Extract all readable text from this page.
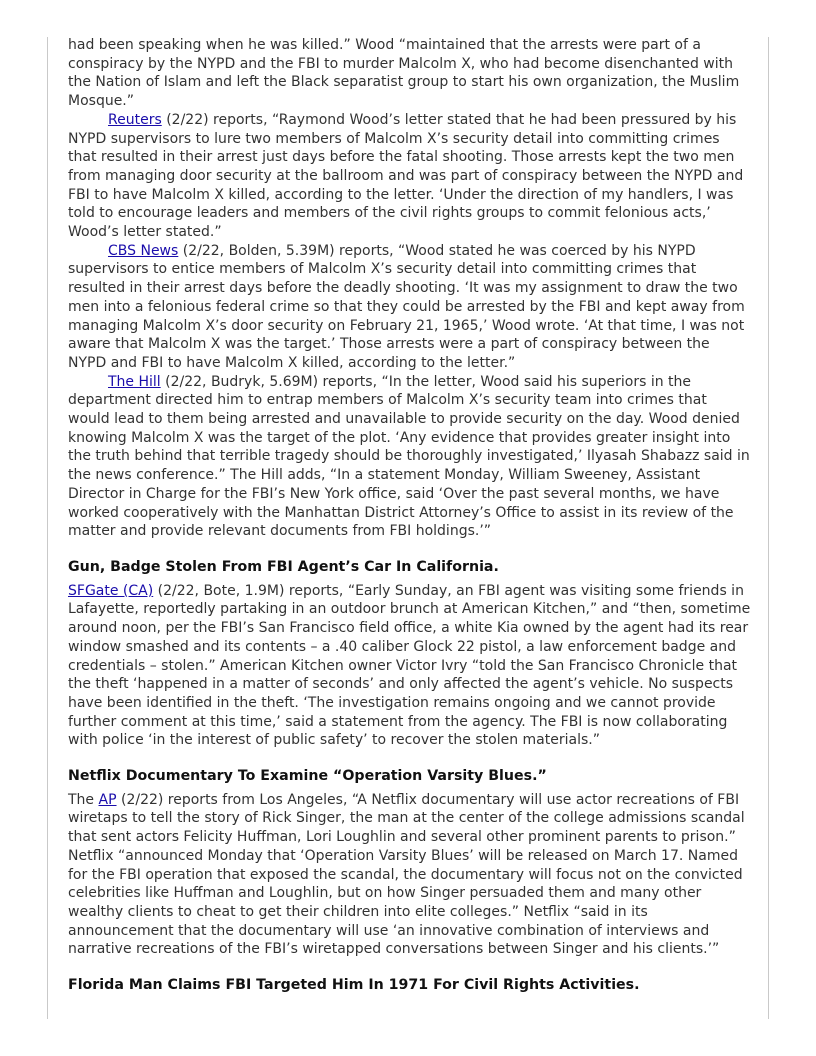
had been speaking when he was killed.” Wood “maintained that the arrests were part of a conspiracy by the NYPD and the FBI to murder Malcolm X, who had become disenchanted with the Nation of Islam and left the Black separatist group to start his own organization, the Muslim Mosque.”

Reuters (2/22) reports, “Raymond Wood’s letter stated that he had been pressured by his NYPD supervisors to lure two members of Malcolm X’s security detail into committing crimes that resulted in their arrest just days before the fatal shooting. Those arrests kept the two men from managing door security at the ballroom and was part of conspiracy between the NYPD and FBI to have Malcolm X killed, according to the letter. ‘Under the direction of my handlers, I was told to encourage leaders and members of the civil rights groups to commit felonious acts,’ Wood’s letter stated.”

CBS News (2/22, Bolden, 5.39M) reports, “Wood stated he was coerced by his NYPD supervisors to entice members of Malcolm X’s security detail into committing crimes that resulted in their arrest days before the deadly shooting. ‘It was my assignment to draw the two men into a felonious federal crime so that they could be arrested by the FBI and kept away from managing Malcolm X’s door security on February 21, 1965,’ Wood wrote. ‘At that time, I was not aware that Malcolm X was the target.’ Those arrests were a part of conspiracy between the NYPD and FBI to have Malcolm X killed, according to the letter.”

The Hill (2/22, Budryk, 5.69M) reports, “In the letter, Wood said his superiors in the department directed him to entrap members of Malcolm X’s security team into crimes that would lead to them being arrested and unavailable to provide security on the day. Wood denied knowing Malcolm X was the target of the plot. ‘Any evidence that provides greater insight into the truth behind that terrible tragedy should be thoroughly investigated,’ Ilyasah Shabazz said in the news conference.” The Hill adds, “In a statement Monday, William Sweeney, Assistant Director in Charge for the FBI’s New York office, said ‘Over the past several months, we have worked cooperatively with the Manhattan District Attorney’s Office to assist in its review of the matter and provide relevant documents from FBI holdings.’”

Gun, Badge Stolen From FBI Agent’s Car In California.

SFGate (CA) (2/22, Bote, 1.9M) reports, “Early Sunday, an FBI agent was visiting some friends in Lafayette, reportedly partaking in an outdoor brunch at American Kitchen,” and “then, sometime around noon, per the FBI’s San Francisco field office, a white Kia owned by the agent had its rear window smashed and its contents – a .40 caliber Glock 22 pistol, a law enforcement badge and credentials – stolen.” American Kitchen owner Victor Ivry “told the San Francisco Chronicle that the theft ‘happened in a matter of seconds’ and only affected the agent’s vehicle. No suspects have been identified in the theft. ‘The investigation remains ongoing and we cannot provide further comment at this time,’ said a statement from the agency. The FBI is now collaborating with police ‘in the interest of public safety’ to recover the stolen materials.”

Netflix Documentary To Examine “Operation Varsity Blues.”

The AP (2/22) reports from Los Angeles, “A Netflix documentary will use actor recreations of FBI wiretaps to tell the story of Rick Singer, the man at the center of the college admissions scandal that sent actors Felicity Huffman, Lori Loughlin and several other prominent parents to prison.” Netflix “announced Monday that ‘Operation Varsity Blues’ will be released on March 17. Named for the FBI operation that exposed the scandal, the documentary will focus not on the convicted celebrities like Huffman and Loughlin, but on how Singer persuaded them and many other wealthy clients to cheat to get their children into elite colleges.” Netflix “said in its announcement that the documentary will use ‘an innovative combination of interviews and narrative recreations of the FBI’s wiretapped conversations between Singer and his clients.’”

Florida Man Claims FBI Targeted Him In 1971 For Civil Rights Activities.
